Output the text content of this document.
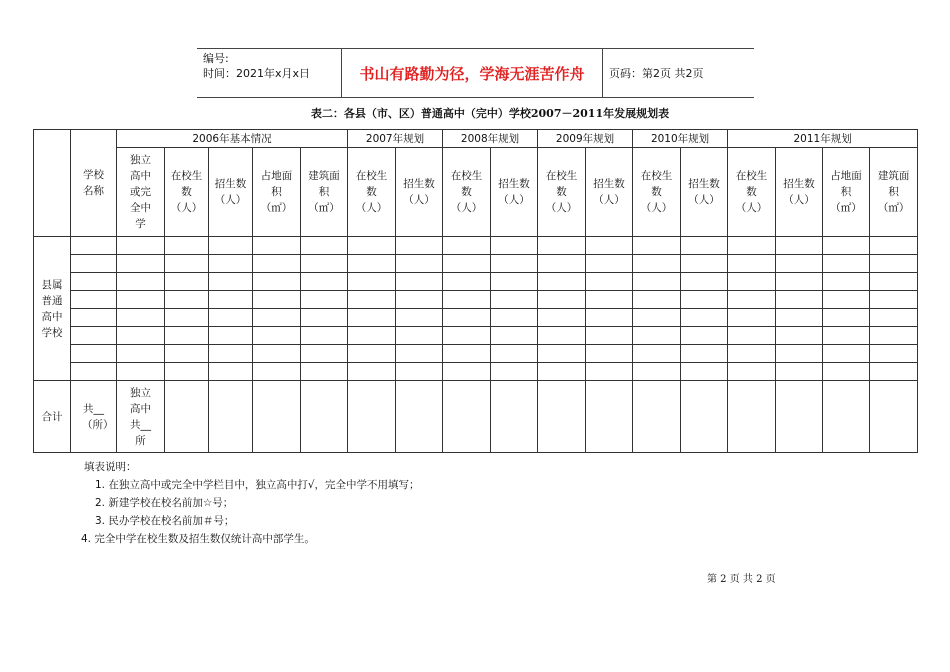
编号:
时间：2021年x月x日	书山有路勤为径，学海无涯苦作舟	页码：第2页 共2页
表二：各县（市、区）普通高中（完中）学校2007－2011年发展规划表
	学校名称	2006年基本情况					2007年规划		2008年规划		2009年规划		2010年规划		2011年规划			
		独立高中或完全中学	在校生数（人）	招生数（人）	占地面积（㎡）	建筑面积（㎡）	在校生数（人）	招生数（人）	在校生数（人）	招生数（人）	在校生数（人）	招生数（人）	在校生数（人）	招生数（人）	在校生数（人）	招生数（人）	占地面积（㎡）	建筑面积（㎡）
县属普通高中学校																		

合计	共__（所）	独立高中共__所																
填表说明：
1. 在独立高中或完全中学栏目中，独立高中打√，完全中学不用填写；
2. 新建学校在校名前加☆号；
3. 民办学校在校名前加＃号；
4. 完全中学在校生数及招生数仅统计高中部学生。
第 2 页 共 2 页
